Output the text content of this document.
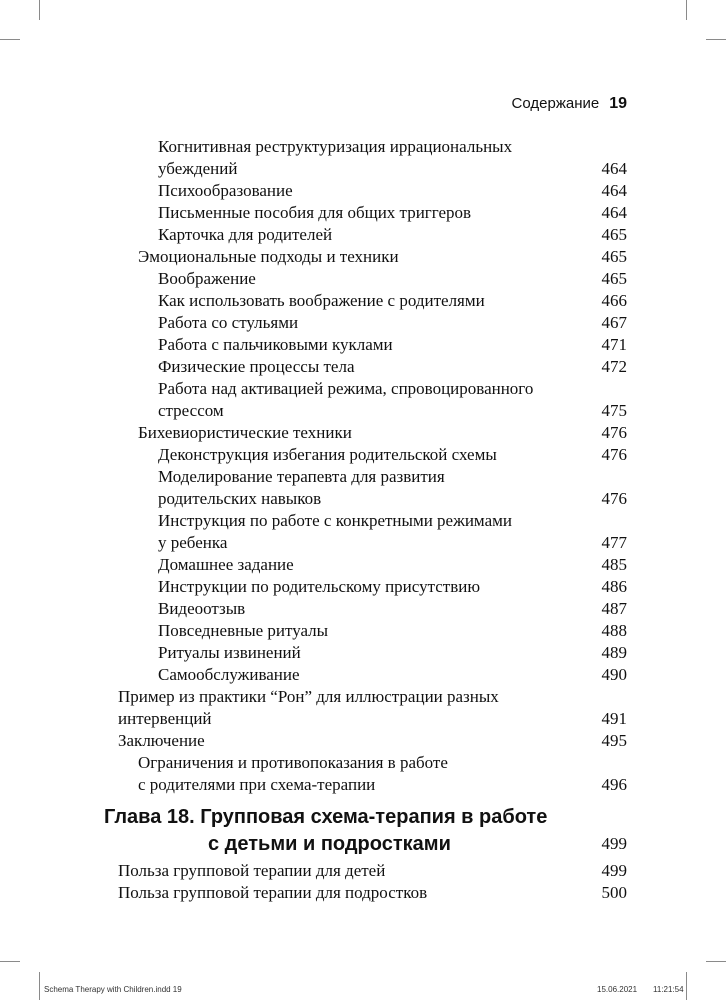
Содержание 19
Когнитивная реструктуризация иррациональных
убеждений	464
Психообразование	464
Письменные пособия для общих триггеров	464
Карточка для родителей	465
Эмоциональные подходы и техники	465
Воображение	465
Как использовать воображение с родителями	466
Работа со стульями	467
Работа с пальчиковыми куклами	471
Физические процессы тела	472
Работа над активацией режима, спровоцированного
стрессом	475
Бихевиористические техники	476
Деконструкция избегания родительской схемы	476
Моделирование терапевта для развития
родительских навыков	476
Инструкция по работе с конкретными режимами
у ребенка	477
Домашнее задание	485
Инструкции по родительскому присутствию	486
Видеоотзыв	487
Повседневные ритуалы	488
Ритуалы извинений	489
Самообслуживание	490
Пример из практики “Рон” для иллюстрации разных
интервенций	491
Заключение	495
Ограничения и противопоказания в работе
с родителями при схема-терапии	496
Глава 18. Групповая схема-терапия в работе
с детьми и подростками	499
Польза групповой терапии для детей	499
Польза групповой терапии для подростков	500
Schema Therapy with Children.indd 19	15.06.2021 11:21:54
